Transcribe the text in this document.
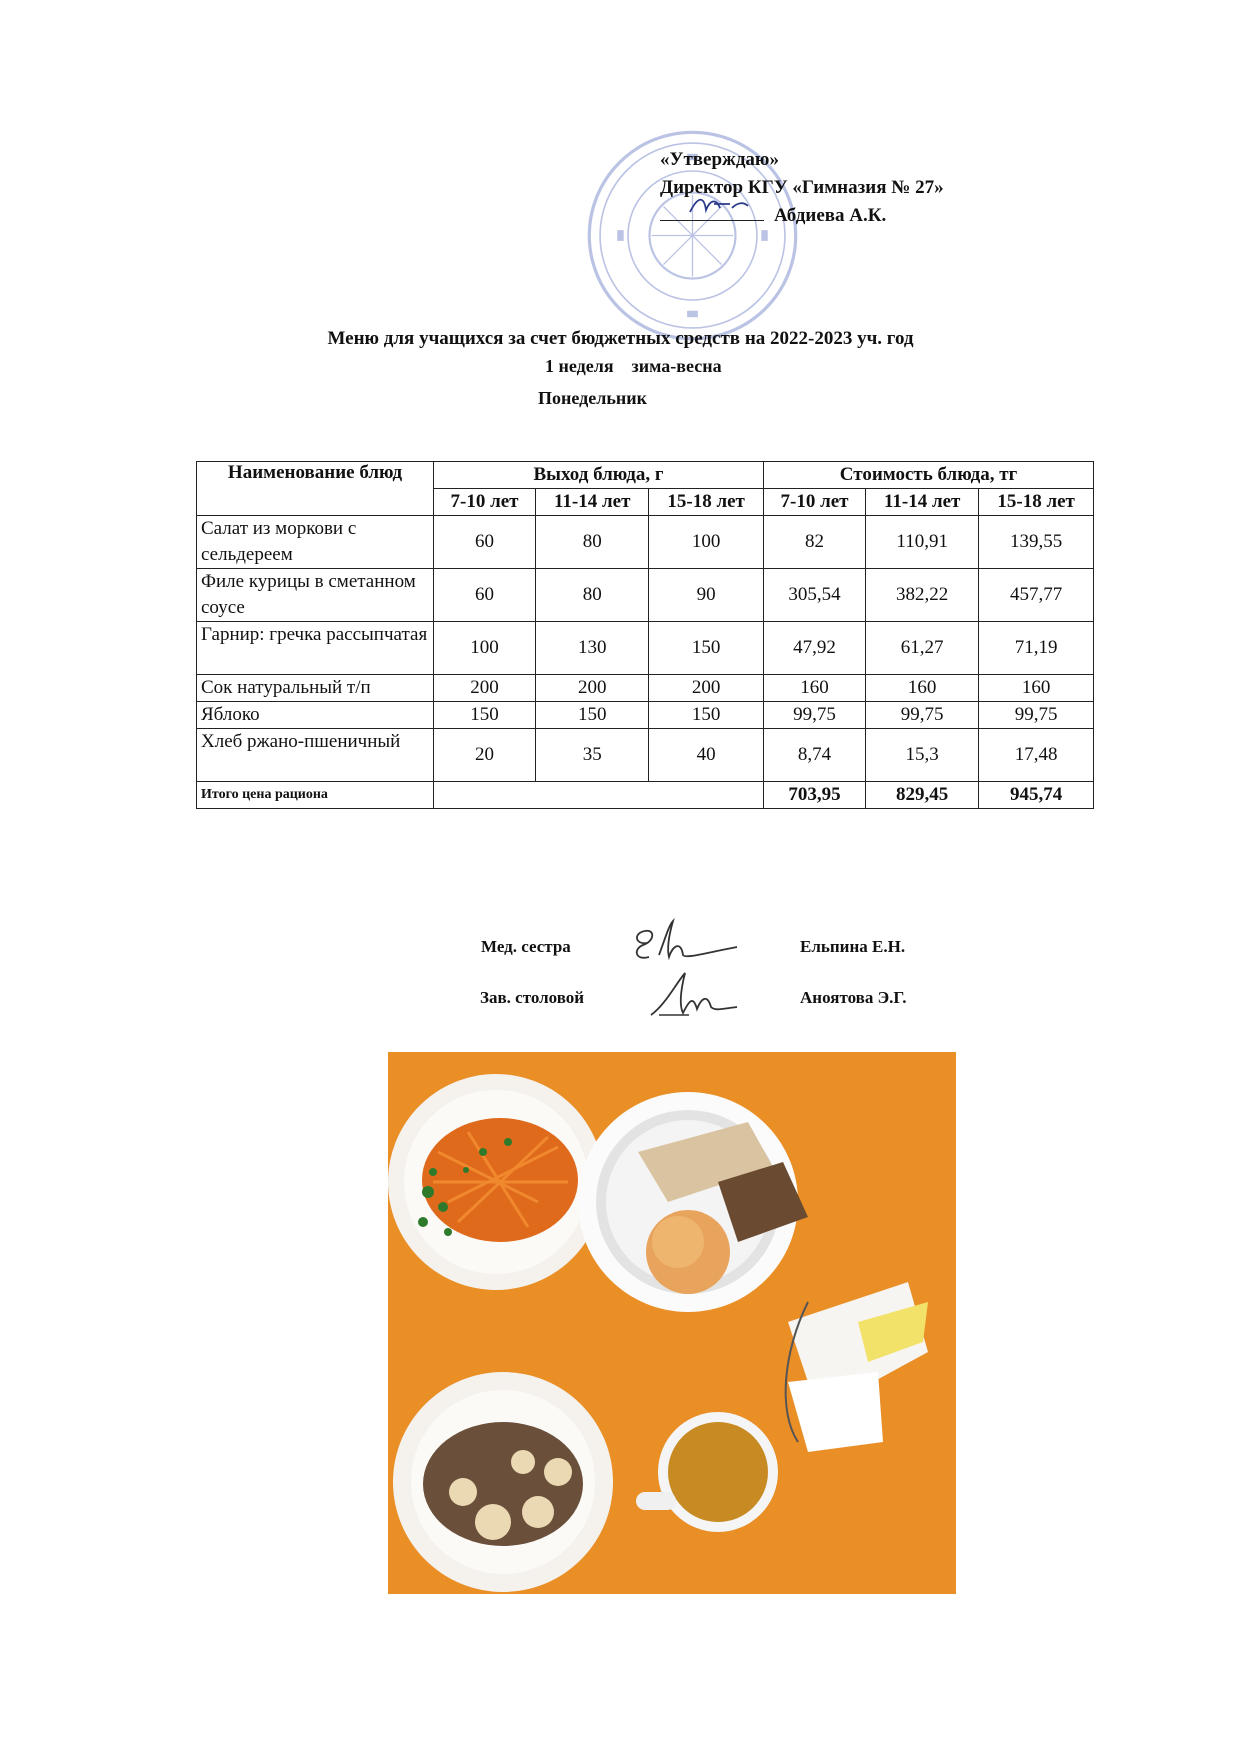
«Утверждаю»
Директор КГУ «Гимназия № 27»
Абдиева А.К.
Меню для учащихся за счет бюджетных средств на 2022-2023 уч. год
1 неделя    зима-весна
Понедельник
Наименование блюд	Выход блюда, г			Стоимость блюда, тг		
	7-10 лет	11-14 лет	15-18 лет	7-10 лет	11-14 лет	15-18 лет
Салат из моркови с сельдереем	60	80	100	82	110,91	139,55
Филе курицы в сметанном соусе	60	80	90	305,54	382,22	457,77
Гарнир: гречка рассыпчатая	100	130	150	47,92	61,27	71,19
Сок натуральный т/п	200	200	200	160	160	160
Яблоко	150	150	150	99,75	99,75	99,75
Хлеб ржано-пшеничный	20	35	40	8,74	15,3	17,48
Итого цена рациона				703,95	829,45	945,74
Мед. сестра	Ельпина Е.Н.
Зав. столовой	Аноятова Э.Г.
